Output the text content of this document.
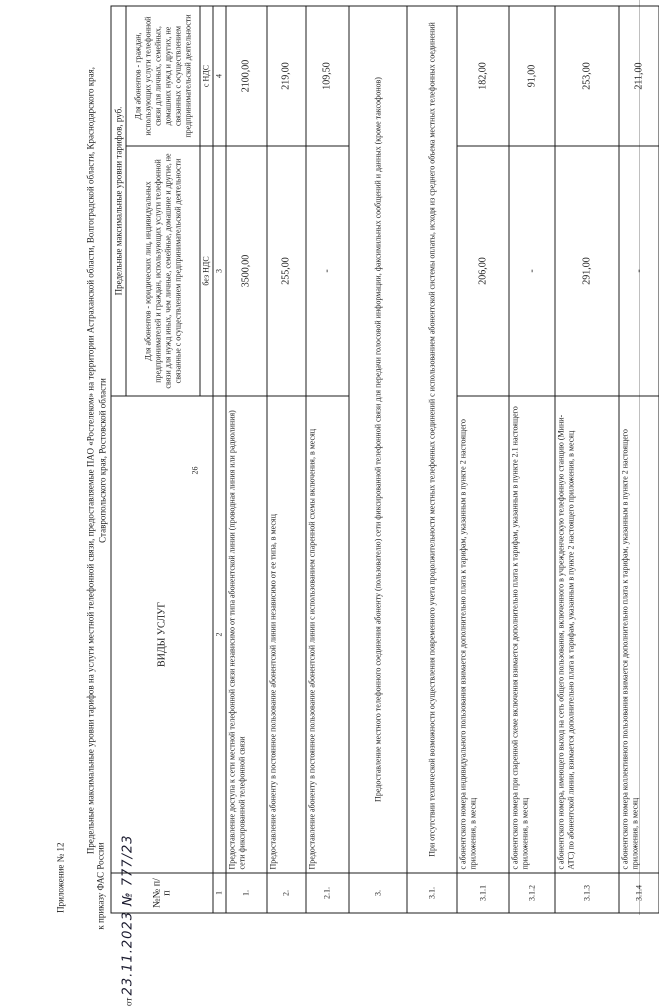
26
Приложение № 12	к приказу ФАС России
от 23.11.2023 № 777/23
Предельные максимальные уровни тарифов на услуги местной телефонной связи, предоставляемые ПАО «Ростелеком» на территории Астраханской области, Волгоградской области, Краснодарского края, Ставропольского края, Ростовской области
№№ п/п	ВИДЫ УСЛУГ	Предельные максимальные уровни тарифов, руб.	
		Для абонентов - юридических лиц, индивидуальных предпринимателей и граждан, использующих услуги телефонной связи для нужд иных, чем личные, семейные, домашние и другие, не связанные с осуществлением предпринимательской деятельности	Для абонентов - граждан, использующих услуги телефонной связи для личных, семейных, домашних нужд и других, не связанных с осуществлением предпринимательской деятельности
		без НДС	с НДС
1	2	3	4
1.	Предоставление доступа к сети местной телефонной связи независимо от типа абонентской линии (проводная линия или радиолиния) сети фиксированной телефонной связи	3500,00	2100,00
2.	Предоставление абоненту в постоянное пользование абонентской линии независимо от ее типа, в месяц	255,00	219,00
2.1.	Предоставление абоненту в постоянное пользование абонентской линии с использованием спаренной схемы включения, в месяц	-	109,50
3.	Предоставление местного телефонного соединения абоненту (пользователю) сети фиксированной телефонной связи для передачи голосовой информации, факсимильных сообщений и данных (кроме таксофонов)		
3.1.	При отсутствии технической возможности осуществления повременного учета продолжительности местных телефонных соединений с использованием абонентской системы оплаты, исходя из среднего объема местных телефонных соединений		
3.1.1	с абонентского номера индивидуального пользования взимается дополнительно плата к тарифам, указанным в пункте 2 настоящего приложения, в месяц	206,00	182,00
3.1.2	с абонентского номера при спаренной схеме включения взимается дополнительно плата к тарифам, указанным в пункте 2.1 настоящего приложения, в месяц	-	91,00
3.1.3	с абонентского номера, имеющего выход на сеть общего пользования, включенного в учрежденческую телефонную станцию (Мини-АТС) по абонентской линии, взимается дополнительно плата к тарифам, указанным в пункте 2 настоящего приложения, в месяц	291,00	253,00
3.1.4	с абонентского номера коллективного пользования взимается дополнительно плата к тарифам, указанным в пункте 2 настоящего приложения, в месяц	-	211,00
